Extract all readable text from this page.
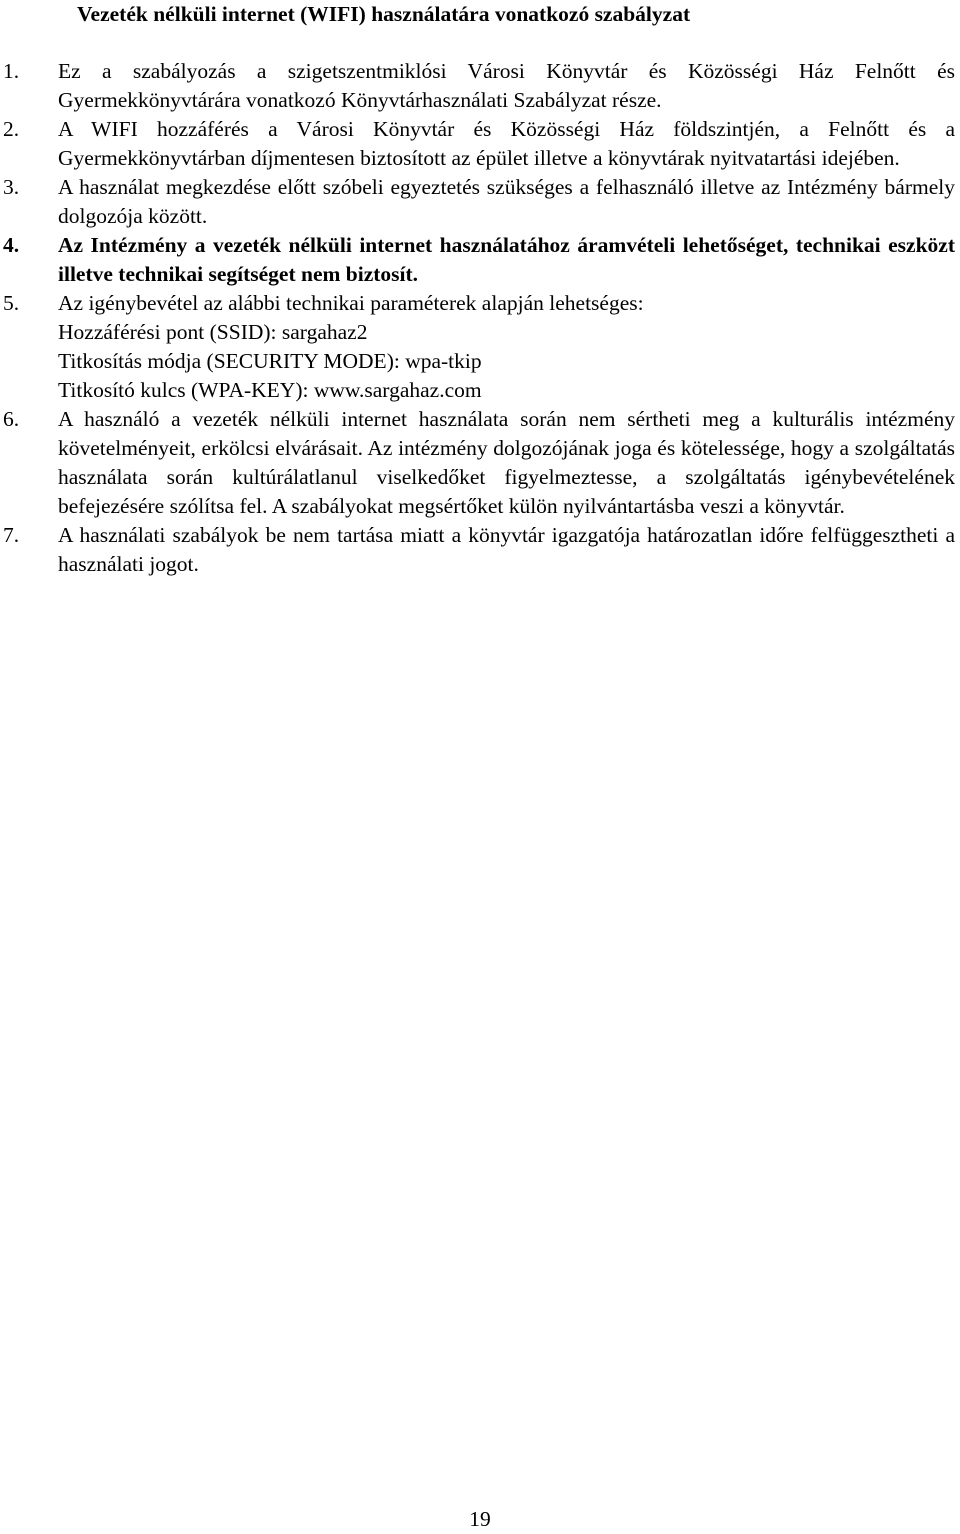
Vezeték nélküli internet (WIFI) használatára vonatkozó szabályzat
1. Ez a szabályozás a szigetszentmiklósi Városi Könyvtár és Közösségi Ház Felnőtt és Gyermekkönyvtárára vonatkozó Könyvtárhasználati Szabályzat része.
2. A WIFI hozzáférés a Városi Könyvtár és Közösségi Ház földszintjén, a Felnőtt és a Gyermekkönyvtárban díjmentesen biztosított az épület illetve a könyvtárak nyitvatartási idejében.
3. A használat megkezdése előtt szóbeli egyeztetés szükséges a felhasználó illetve az Intézmény bármely dolgozója között.
4. Az Intézmény a vezeték nélküli internet használatához áramvételi lehetőséget, technikai eszközt illetve technikai segítséget nem biztosít.
5. Az igénybevétel az alábbi technikai paraméterek alapján lehetséges:
Hozzáférési pont (SSID): sargahaz2
Titkosítás módja (SECURITY MODE): wpa-tkip
Titkosító kulcs (WPA-KEY): www.sargahaz.com
6. A használó a vezeték nélküli internet használata során nem sértheti meg a kulturális intézmény követelményeit, erkölcsi elvárásait. Az intézmény dolgozójának joga és kötelessége, hogy a szolgáltatás használata során kultúrálatlanul viselkedőket figyelmeztesse, a szolgáltatás igénybevételének befejezésére szólítsa fel. A szabályokat megsértőket külön nyilvántartásba veszi a könyvtár.
7. A használati szabályok be nem tartása miatt a könyvtár igazgatója határozatlan időre felfüggesztheti a használati jogot.
19
